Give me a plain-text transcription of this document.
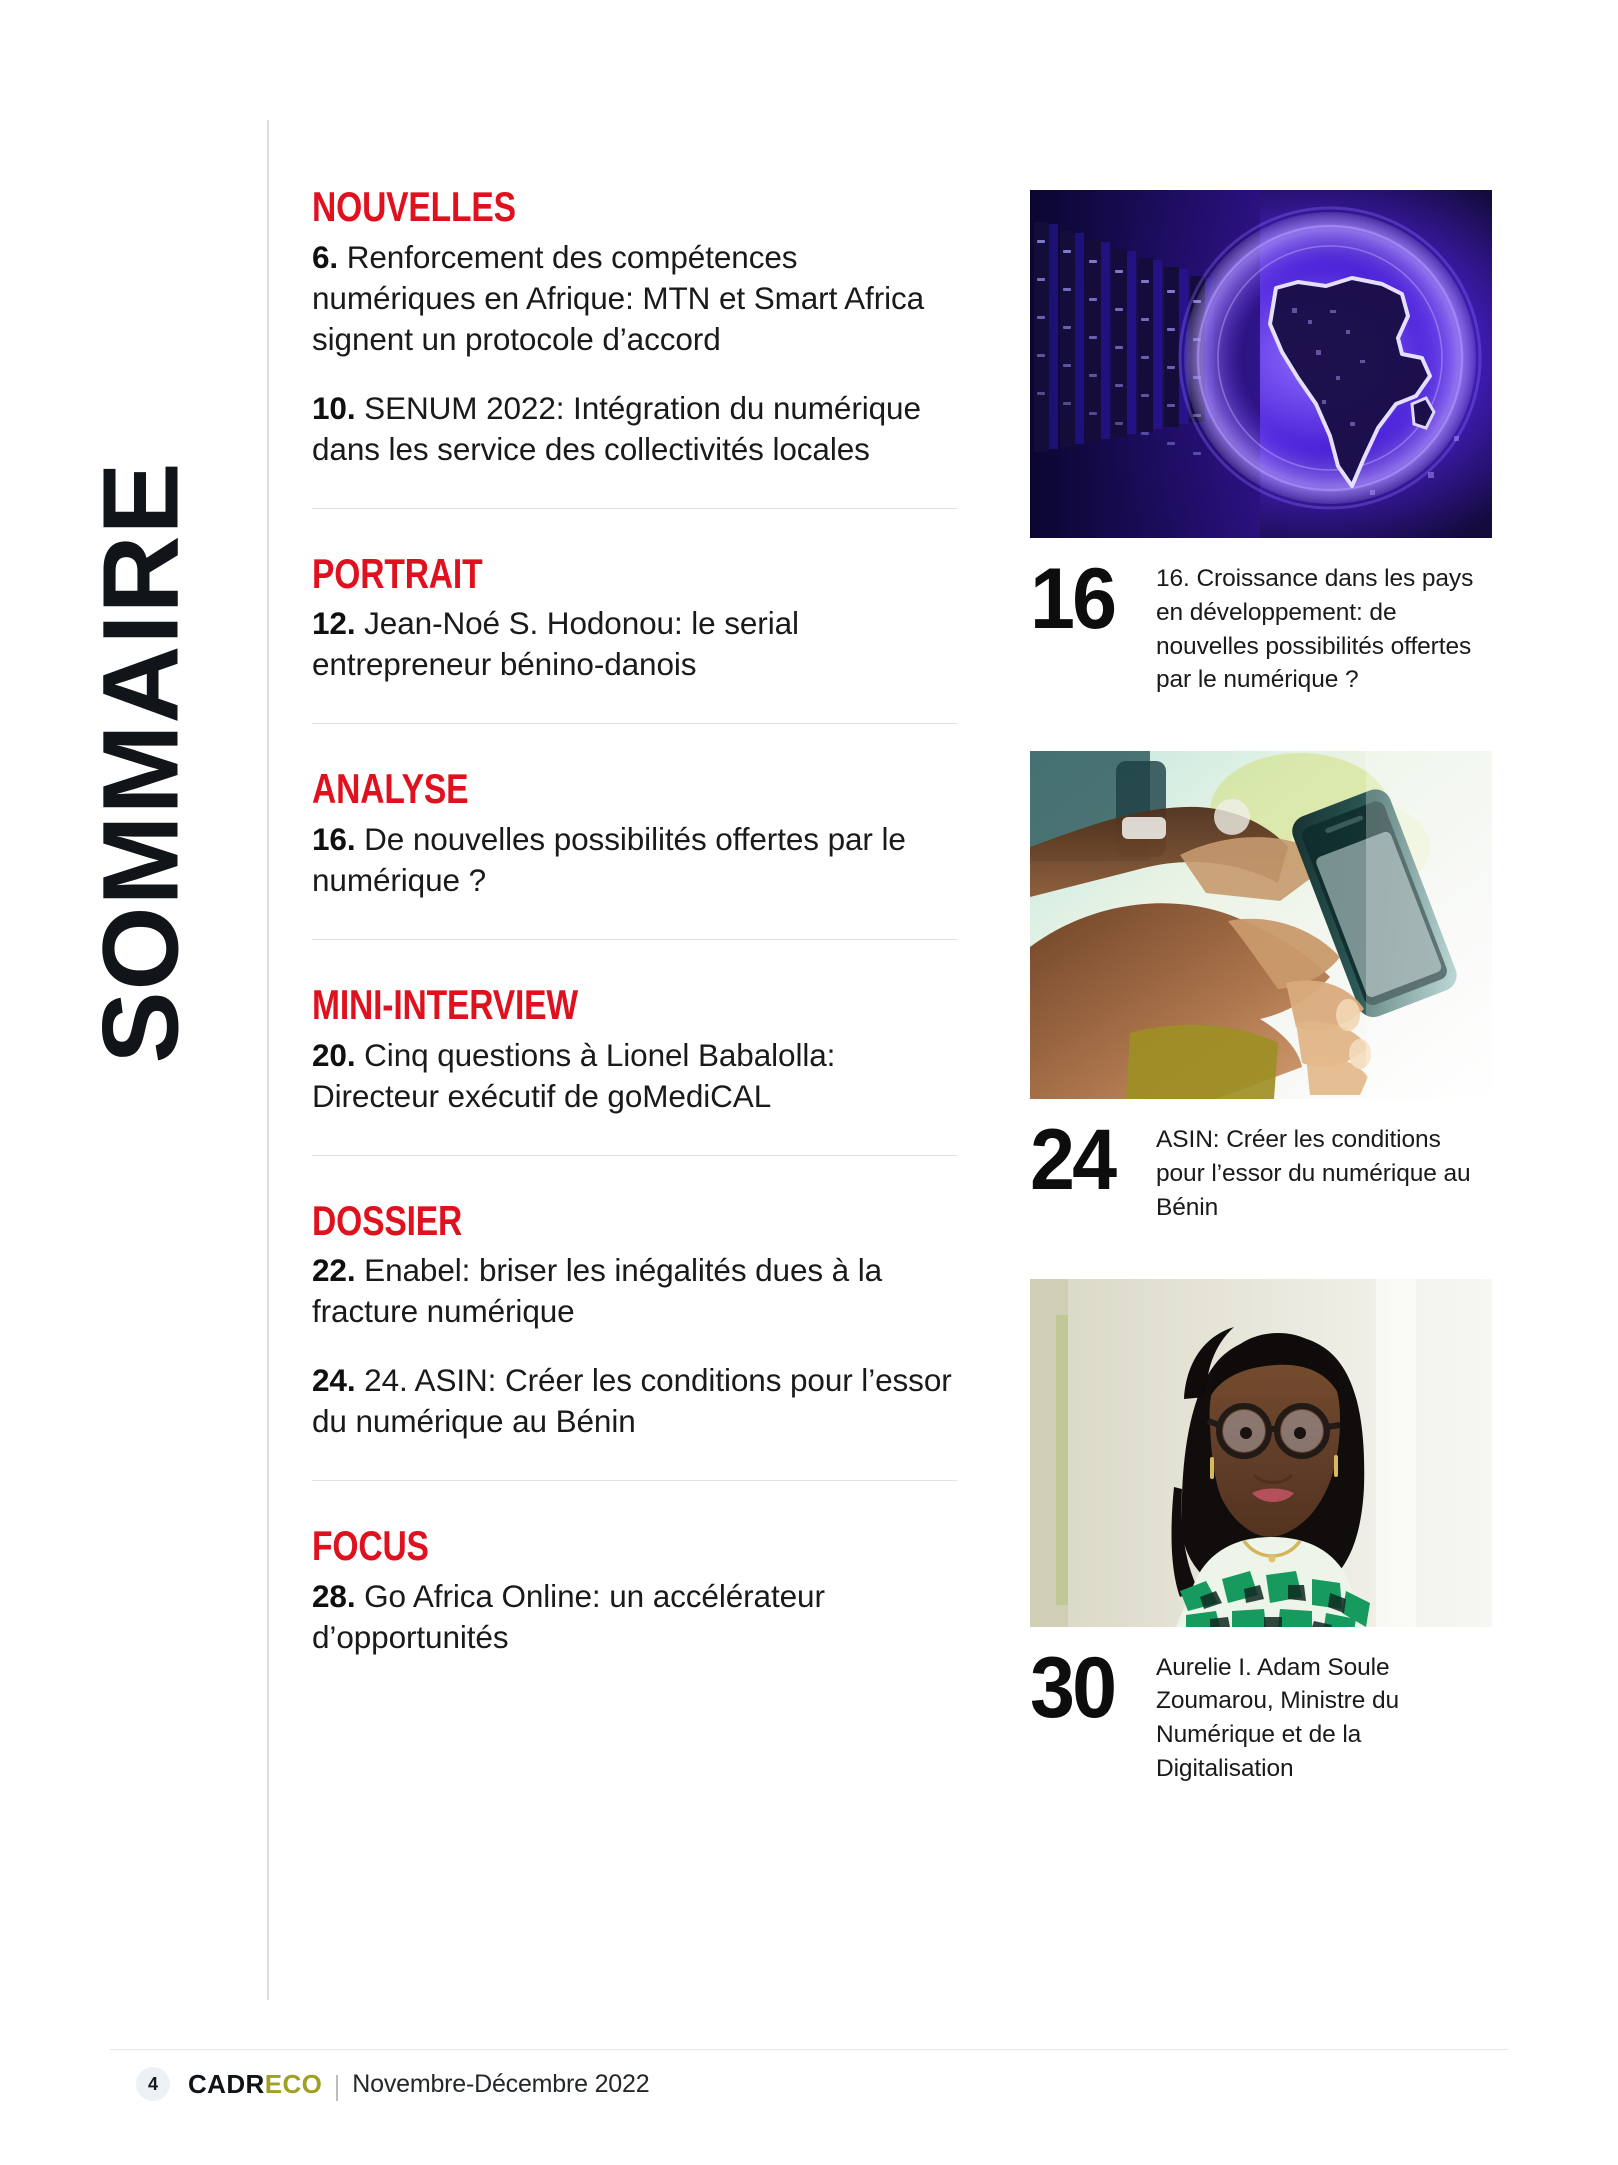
SOMMAIRE
NOUVELLES
6. Renforcement des compétences numériques en Afrique: MTN et Smart Africa signent un protocole d’accord
10. SENUM 2022: Intégration du numérique dans les service des collectivités locales
PORTRAIT
12. Jean-Noé S. Hodonou: le serial entrepreneur bénino-danois
ANALYSE
16. De nouvelles possibilités offertes par le numérique ?
MINI-INTERVIEW
20. Cinq questions à Lionel Babalolla: Directeur exécutif de goMediCAL
DOSSIER
22. Enabel: briser les inégalités dues à la fracture numérique
24. 24. ASIN: Créer les conditions pour l’essor du numérique au Bénin
FOCUS
28. Go Africa Online: un accélérateur d’opportunités
16	16. Croissance dans les pays en développement: de nouvelles possibilités offertes par le numérique ?
24	ASIN: Créer les conditions pour l’essor du numérique au Bénin
30	Aurelie I. Adam Soule Zoumarou, Ministre du Numérique et de la Digitalisation
4	CADRECO Novembre-Décembre 2022
